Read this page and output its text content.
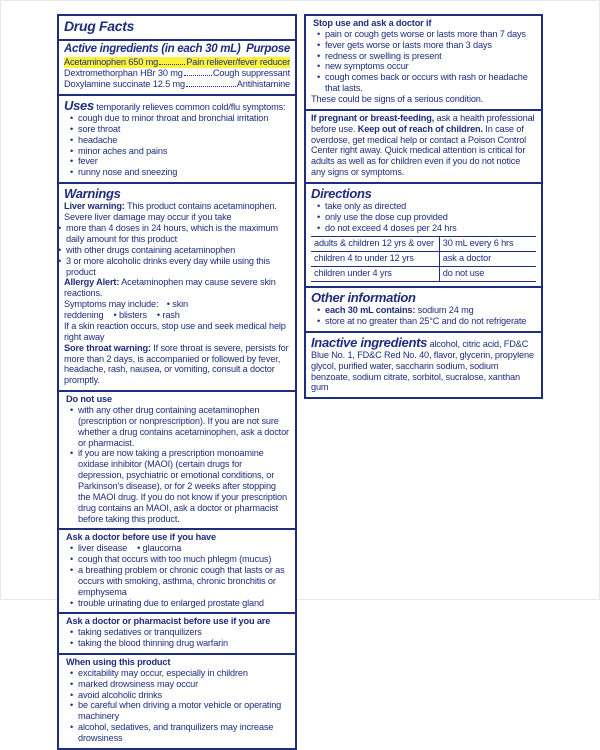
Drug Facts
Active ingredients (in each 30 mL) Purpose
Acetaminophen 650 mg	Pain reliever/fever reducer
Dextromethorphan HBr 30 mg	Cough suppressant
Doxylamine succinate 12.5 mg	Antihistamine
Uses temporarily relieves common cold/flu symptoms:
• cough due to minor throat and bronchial irritation
• sore throat
• headache
• minor aches and pains
• fever
• runny nose and sneezing
Warnings
Liver warning: This product contains acetaminophen.
Severe liver damage may occur if you take
• more than 4 doses in 24 hours, which is the maximum daily amount for this product
• with other drugs containing acetaminophen
• 3 or more alcoholic drinks every day while using this product
Allergy Alert: Acetaminophen may cause severe skin reactions.
Symptoms may include: • skin reddening • blisters • rash
If a skin reaction occurs, stop use and seek medical help right away
Sore throat warning: If sore throat is severe, persists for more than 2 days, is accompanied or followed by fever, headache, rash, nausea, or vomiting, consult a doctor promptly.
Do not use
• with any other drug containing acetaminophen (prescription or nonprescription). If you are not sure whether a drug contains acetaminophen, ask a doctor or pharmacist.
• if you are now taking a prescription monoamine oxidase inhibitor (MAOI) (certain drugs for depression, psychiatric or emotional conditions, or Parkinson's disease), or for 2 weeks after stopping the MAOI drug. If you do not know if your prescription drug contains an MAOI, ask a doctor or pharmacist before taking this product.
Ask a doctor before use if you have
• liver disease • glaucoma
• cough that occurs with too much phlegm (mucus)
• a breathing problem or chronic cough that lasts or as occurs with smoking, asthma, chronic bronchitis or emphysema
• trouble urinating due to enlarged prostate gland
Ask a doctor or pharmacist before use if you are
• taking sedatives or tranquilizers
• taking the blood thinning drug warfarin
When using this product
• excitability may occur, especially in children
• marked drowsiness may occur
• avoid alcoholic drinks
• be careful when driving a motor vehicle or operating machinery
• alcohol, sedatives, and tranquilizers may increase drowsiness
Stop use and ask a doctor if
• pain or cough gets worse or lasts more than 7 days
• fever gets worse or lasts more than 3 days
• redness or swelling is present
• new symptoms occur
• cough comes back or occurs with rash or headache that lasts.
These could be signs of a serious condition.
If pregnant or breast-feeding, ask a health professional before use. Keep out of reach of children. In case of overdose, get medical help or contact a Poison Control Center right away. Quick medical attention is critical for adults as well as for children even if you do not notice any signs or symptoms.
Directions
• take only as directed
• only use the dose cup provided
• do not exceed 4 doses per 24 hrs
adults & children 12 yrs & over	30 mL every 6 hrs
children 4 to under 12 yrs	ask a doctor
children under 4 yrs	do not use
Other information
• each 30 mL contains: sodium 24 mg
• store at no greater than 25°C and do not refrigerate
Inactive ingredients alcohol, citric acid, FD&C Blue No. 1, FD&C Red No. 40, flavor, glycerin, propylene glycol, purified water, saccharin sodium, sodium benzoate, sodium citrate, sorbitol, sucralose, xanthan gum
